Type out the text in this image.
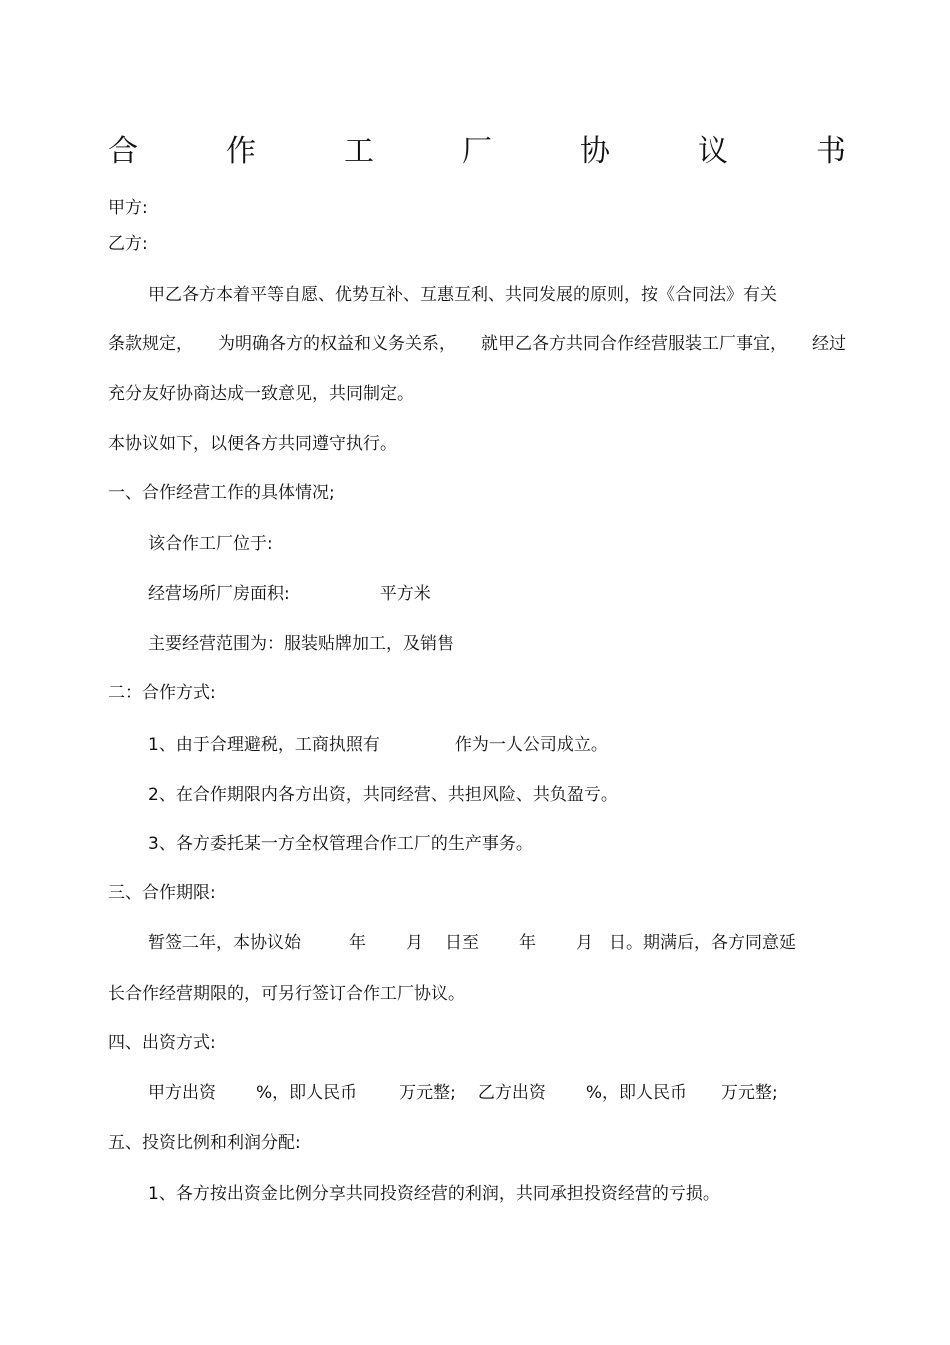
合	作	工	厂	协	议	书
甲方:
乙方:
甲乙各方本着平等自愿、优势互补、互惠互利、共同发展的原则，按《合同法》有关
条款规定， 为明确各方的权益和义务关系， 就甲乙各方共同合作经营服装工厂事宜， 经过
充分友好协商达成一致意见，共同制定。
本协议如下，以便各方共同遵守执行。
一、合作经营工作的具体情况;
该合作工厂位于:
经营场所厂房面积:	平方米
主要经营范围为：服装贴牌加工，及销售
二：合作方式:
1、由于合理避税，工商执照有	作为一人公司成立。
2、在合作期限内各方出资，共同经营、共担风险、共负盈亏。
3、各方委托某一方全权管理合作工厂的生产事务。
三、合作期限:
暂签二年，本协议始	年 月 日至 年 月 日。期满后，各方同意延
长合作经营期限的，可另行签订合作工厂协议。
四、出资方式:
甲方出资 %，即人民币 万元整; 乙方出资 %，即人民币 万元整;
五、投资比例和利润分配:
1、各方按出资金比例分享共同投资经营的利润，共同承担投资经营的亏损。
